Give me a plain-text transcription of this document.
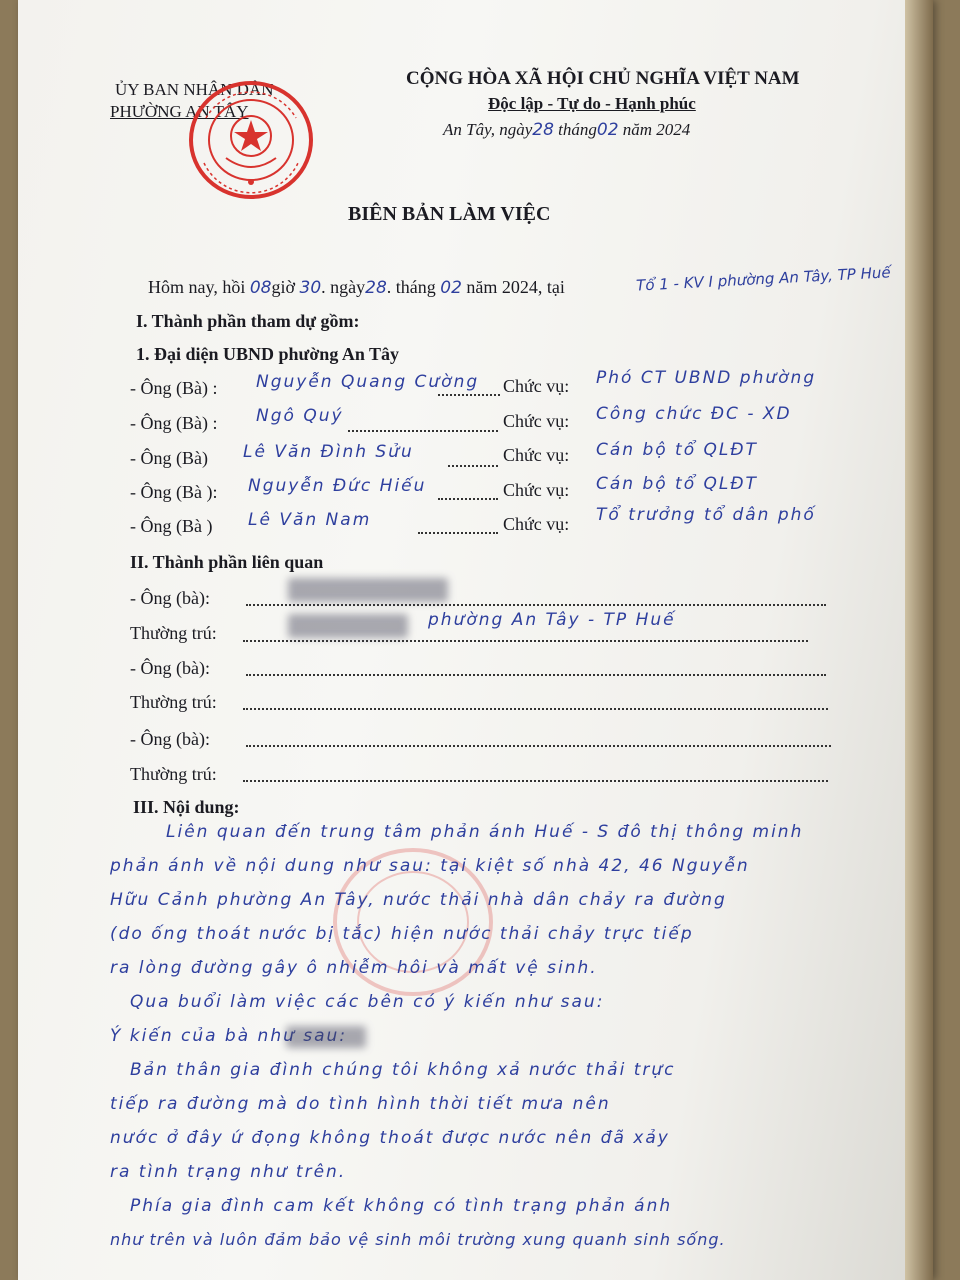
ỦY BAN NHÂN DÂN
PHƯỜNG AN TÂY
CỘNG HÒA XÃ HỘI CHỦ NGHĨA VIỆT NAM
Độc lập - Tự do - Hạnh phúc
An Tây, ngày28 tháng02 năm 2024
BIÊN BẢN LÀM VIỆC
Hôm nay, hồi 08giờ 30. ngày28. tháng 02 năm 2024, tại	Tổ 1 - KV I phường An Tây, TP Huế
I. Thành phần tham dự gồm:
1. Đại diện UBND phường An Tây
- Ông (Bà) : Nguyễn Quang Cường Chức vụ: Phó CT UBND phường
- Ông (Bà) : Ngô Quý	Chức vụ: Công chức ĐC - XD
- Ông (Bà) Lê Văn Đình Sửu	Chức vụ: Cán bộ tổ QLĐT
- Ông (Bà ): Nguyễn Đức Hiếu	Chức vụ: Cán bộ tổ QLĐT
- Ông (Bà ) Lê Văn Nam	Chức vụ: Tổ trưởng tổ dân phố
II. Thành phần liên quan
- Ông (bà):
Thường trú:
phường An Tây - TP Huế
- Ông (bà):
Thường trú:
- Ông (bà):
Thường trú:
III. Nội dung:
Liên quan đến trung tâm phản ánh Huế - S đô thị thông minh
phản ánh về nội dung như sau: tại kiệt số nhà 42, 46 Nguyễn
Hữu Cảnh phường An Tây, nước thải nhà dân chảy ra đường
(do ống thoát nước bị tắc) hiện nước thải chảy trực tiếp
ra lòng đường gây ô nhiễm hôi và mất vệ sinh.
Qua buổi làm việc các bên có ý kiến như sau:
Ý kiến của bà như sau:
Bản thân gia đình chúng tôi không xả nước thải trực
tiếp ra đường mà do tình hình thời tiết mưa nên
nước ở đây ứ đọng không thoát được nước nên đã xảy
ra tình trạng như trên.
Phía gia đình cam kết không có tình trạng phản ánh
như trên và luôn đảm bảo vệ sinh môi trường xung quanh sinh sống.
